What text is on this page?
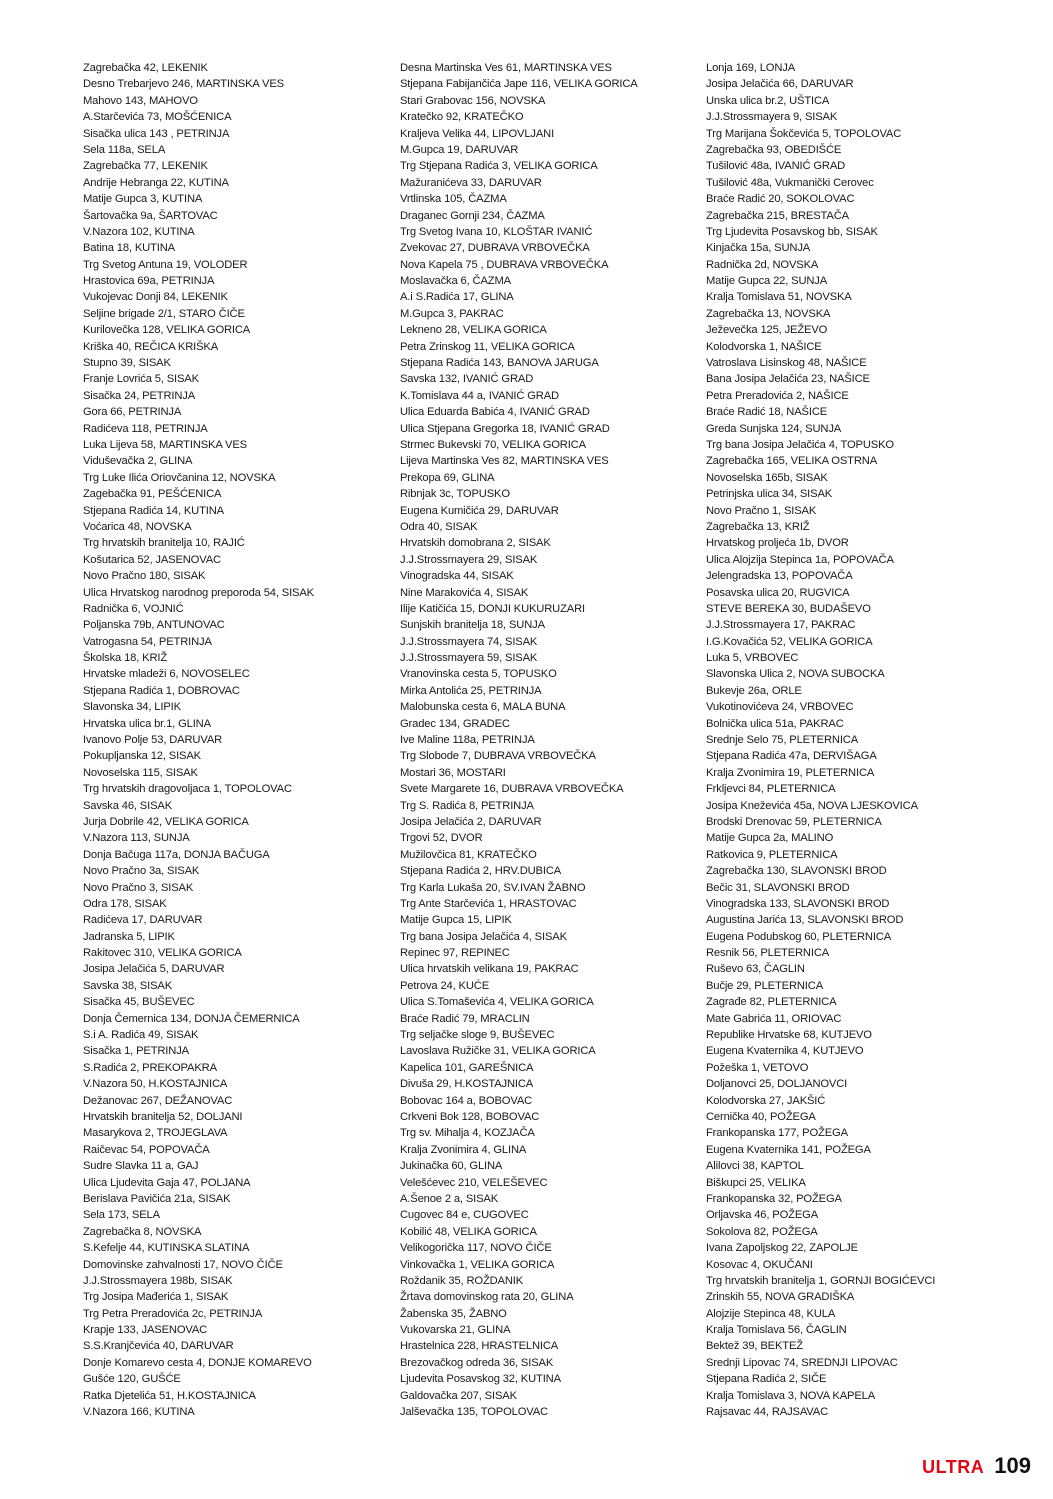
Zagrebačka 42, LEKENIK
Desno Trebarjevo 246, MARTINSKA VES
Mahovo 143, MAHOVO
A.Starčevića 73, MOŠĆENICA
Sisačka ulica 143 , PETRINJA
Sela 118a, SELA
Zagrebačka 77, LEKENIK
Andrije Hebranga 22, KUTINA
Matije Gupca 3, KUTINA
Šartovačka 9a, ŠARTOVAC
V.Nazora 102, KUTINA
Batina 18, KUTINA
Trg Svetog Antuna 19, VOLODER
Hrastovica 69a, PETRINJA
Vukojevac Donji 84, LEKENIK
Seljine brigade 2/1, STARO ČIČE
Kurilovečka 128, VELIKA GORICA
Kriška 40, REČICA KRIŠKA
Stupno 39, SISAK
Franje Lovrića 5, SISAK
Sisačka 24, PETRINJA
Gora 66, PETRINJA
Radićeva 118, PETRINJA
Luka Lijeva 58, MARTINSKA VES
Viduševačka 2, GLINA
Trg Luke Ilića Oriovčanina 12, NOVSKA
Zagebačka 91, PEŠĆENICA
Stjepana Radića 14, KUTINA
Voćarica 48, NOVSKA
Trg hrvatskih branitelja 10, RAJIĆ
Košutarica 52, JASENOVAC
Novo Pračno 180, SISAK
Ulica Hrvatskog narodnog preporoda 54, SISAK
Radnička 6, VOJNIĆ
Poljanska 79b, ANTUNOVAC
Vatrogasna 54, PETRINJA
Školska 18, KRIŽ
Hrvatske mladeži 6, NOVOSELEC
Stjepana Radića 1, DOBROVAC
Slavonska 34, LIPIK
Hrvatska ulica br.1, GLINA
Ivanovo Polje 53, DARUVAR
Pokupljanska 12, SISAK
Novoselska 115, SISAK
Trg hrvatskih dragovoljaca 1, TOPOLOVAC
Savska 46, SISAK
Jurja Dobrile 42, VELIKA GORICA
V.Nazora 113, SUNJA
Donja Bačuga 117a, DONJA BAČUGA
Novo Pračno 3a, SISAK
Novo Pračno 3, SISAK
Odra 178, SISAK
Radićeva 17, DARUVAR
Jadranska 5, LIPIK
Rakitovec 310, VELIKA GORICA
Josipa Jelačića 5, DARUVAR
Savska 38, SISAK
Sisačka 45, BUŠEVEC
Donja Čemernica 134, DONJA ČEMERNICA
S.i A. Radića 49, SISAK
Sisačka 1, PETRINJA
S.Radića 2, PREKOPAKRA
V.Nazora 50, H.KOSTAJNICA
Dežanovac 267, DEŽANOVAC
Hrvatskih branitelja 52, DOLJANI
Masarykova 2, TROJEGLAVA
Raičevac 54, POPOVAČA
Sudre Slavka 11 a, GAJ
Ulica Ljudevita Gaja 47, POLJANA
Berislava Pavičića 21a, SISAK
Sela 173, SELA
Zagrebačka 8, NOVSKA
S.Kefelje 44, KUTINSKA SLATINA
Domovinske zahvalnosti 17, NOVO ČIČE
J.J.Strossmayera 198b, SISAK
Trg Josipa Mađerića 1, SISAK
Trg Petra Preradovića 2c, PETRINJA
Krapje 133, JASENOVAC
S.S.Kranjčevića 40, DARUVAR
Donje Komarevo cesta 4, DONJE KOMAREVO
Gušće 120, GUŠĆE
Ratka Djetelića 51, H.KOSTAJNICA
V.Nazora 166, KUTINA
Desna Martinska Ves 61, MARTINSKA VES
Stjepana Fabijančića Jape 116, VELIKA GORICA
Stari Grabovac 156, NOVSKA
Kratečko 92, KRATEČKO
Kraljeva Velika 44, LIPOVLJANI
M.Gupca 19, DARUVAR
Trg Stjepana Radića 3, VELIKA GORICA
Mažuranićeva 33, DARUVAR
Vrtlinska 105, ČAZMA
Draganec Gornji 234, ČAZMA
Trg Svetog Ivana 10, KLOŠTAR IVANIĆ
Zvekovac 27, DUBRAVA VRBOVEČKA
Nova Kapela 75 , DUBRAVA VRBOVEČKA
Moslavačka 6, ČAZMA
A.i S.Radića 17, GLINA
M.Gupca 3, PAKRAC
Lekneno 28, VELIKA GORICA
Petra Zrinskog 11, VELIKA GORICA
Stjepana Radića 143, BANOVA JARUGA
Savska 132, IVANIĆ GRAD
K.Tomislava 44 a, IVANIĆ GRAD
Ulica Eduarda Babića 4, IVANIĆ GRAD
Ulica Stjepana Gregorka 18, IVANIĆ GRAD
Strmec Bukevski 70, VELIKA GORICA
Lijeva Martinska Ves 82, MARTINSKA VES
Prekopa 69, GLINA
Ribnjak 3c, TOPUSKO
Eugena Kumičića 29, DARUVAR
Odra 40, SISAK
Hrvatskih domobrana 2, SISAK
J.J.Strossmayera 29, SISAK
Vinogradska 44, SISAK
Nine Marakovića 4, SISAK
Ilije Katičića 15, DONJI KUKURUZARI
Sunjskih branitelja 18, SUNJA
J.J.Strossmayera 74, SISAK
J.J.Strossmayera 59, SISAK
Vranovinska cesta 5, TOPUSKO
Mirka Antolića 25, PETRINJA
Malobunska cesta 6, MALA BUNA
Gradec 134, GRADEC
Ive Maline 118a, PETRINJA
Trg Slobode 7, DUBRAVA VRBOVEČKA
Mostari 36, MOSTARI
Svete Margarete 16, DUBRAVA VRBOVEČKA
Trg S. Radića 8, PETRINJA
Josipa Jelačića 2, DARUVAR
Trgovi 52, DVOR
Mužilovčica 81, KRATEČKO
Stjepana Radića 2, HRV.DUBICA
Trg Karla Lukaša 20, SV.IVAN ŽABNO
Trg Ante Starčevića 1, HRASTOVAC
Matije Gupca 15, LIPIK
Trg bana Josipa Jelačića 4, SISAK
Repinec 97, REPINEC
Ulica hrvatskih velikana 19, PAKRAC
Petrova 24, KUĆE
Ulica S.Tomaševića 4, VELIKA GORICA
Braće Radić 79, MRACLIN
Trg seljačke sloge 9, BUŠEVEC
Lavoslava Ružičke 31, VELIKA GORICA
Kapelica 101, GAREŠNICA
Divuša 29, H.KOSTAJNICA
Bobovac 164 a, BOBOVAC
Crkveni Bok 128, BOBOVAC
Trg sv. Mihalja 4, KOZJAČA
Kralja Zvonimira 4, GLINA
Jukinačka 60, GLINA
Velešćevec 210, VELEŠEVEC
A.Šenoe 2 a, SISAK
Cugovec 84 e, CUGOVEC
Kobilić 48, VELIKA GORICA
Velikogorička 117, NOVO ČIČE
Vinkovačka 1, VELIKA GORICA
Roždanik 35, ROŽDANIK
Žrtava domovinskog rata 20, GLINA
Žabenska 35, ŽABNO
Vukovarska 21, GLINA
Hrastelnica 228, HRASTELNICA
Brezovačkog odreda 36, SISAK
Ljudevita Posavskog 32, KUTINA
Galdovačka 207, SISAK
Jalševačka 135, TOPOLOVAC
Lonja 169, LONJA
Josipa Jelačića 66, DARUVAR
Unska ulica br.2, UŠTICA
J.J.Strossmayera 9, SISAK
Trg Marijana Šokčevića 5, TOPOLOVAC
Zagrebačka 93, OBEDIŠĆE
Tušilović 48a, IVANIĆ GRAD
Tušilović 48a, Vukmanički Cerovec
Braće Radić 20, SOKOLOVAC
Zagrebačka 215, BRESTAČA
Trg Ljudevita Posavskog bb, SISAK
Kinjačka 15a, SUNJA
Radnička 2d, NOVSKA
Matije Gupca 22, SUNJA
Kralja Tomislava 51, NOVSKA
Zagrebačka 13, NOVSKA
Ježevečka 125, JEŽEVO
Kolodvorska 1, NAŠICE
Vatroslava Lisinskog 48, NAŠICE
Bana Josipa Jelačića 23, NAŠICE
Petra Preradovića 2, NAŠICE
Braće Radić 18, NAŠICE
Greda Sunjska 124, SUNJA
Trg bana Josipa Jelačića 4, TOPUSKO
Zagrebačka 165, VELIKA OSTRNA
Novoselska 165b, SISAK
Petrinjska ulica 34, SISAK
Novo Pračno 1, SISAK
Zagrebačka 13, KRIŽ
Hrvatskog proljeća 1b, DVOR
Ulica Alojzija Stepinca 1a, POPOVAČA
Jelengradska 13, POPOVAČA
Posavska ulica 20, RUGVICA
STEVE BEREKA 30, BUDAŠEVO
J.J.Strossmayera 17, PAKRAC
I.G.Kovačića 52, VELIKA GORICA
Luka 5, VRBOVEC
Slavonska Ulica 2, NOVA SUBOCKA
Bukevje 26a, ORLE
Vukotinovićeva 24, VRBOVEC
Bolnička ulica 51a, PAKRAC
Srednje Selo 75, PLETERNICA
Stjepana Radića 47a, DERVIŠAGA
Kralja Zvonimira 19, PLETERNICA
Frkljevci 84, PLETERNICA
Josipa Kneževića 45a, NOVA LJESKOVICA
Brodski Drenovac 59, PLETERNICA
Matije Gupca 2a, MALINO
Ratkovica 9, PLETERNICA
Zagrebačka 130, SLAVONSKI BROD
Bečic 31, SLAVONSKI BROD
Vinogradska 133, SLAVONSKI BROD
Augustina Jarića 13, SLAVONSKI BROD
Eugena Podubskog 60, PLETERNICA
Resnik 56, PLETERNICA
Ruševo 63, ČAGLIN
Bučje 29, PLETERNICA
Zagrađe 82, PLETERNICA
Mate Gabrića 11, ORIOVAC
Republike Hrvatske 68, KUTJEVO
Eugena Kvaternika 4, KUTJEVO
Požeška 1, VETOVO
Doljanovci 25, DOLJANOVCI
Kolodvorska 27, JAKŠIĆ
Cernička 40, POŽEGA
Frankopanska 177, POŽEGA
Eugena Kvaternika 141, POŽEGA
Alilovci 38, KAPTOL
Biškupci 25, VELIKA
Frankopanska 32, POŽEGA
Orljavska 46, POŽEGA
Sokolova 82, POŽEGA
Ivana Zapoljskog 22, ZAPOLJE
Kosovac 4, OKUČANI
Trg hrvatskih branitelja 1, GORNJI BOGIĆEVCI
Zrinskih 55, NOVA GRADIŠKA
Alojzije Stepinca 48, KULA
Kralja Tomislava 56, ČAGLIN
Bektež 39, BEKTEŽ
Srednji Lipovac 74, SREDNJI LIPOVAC
Stjepana Radića 2, SIČE
Kralja Tomislava 3, NOVA KAPELA
Rajsavac 44, RAJSAVAC
ULTRA 109
